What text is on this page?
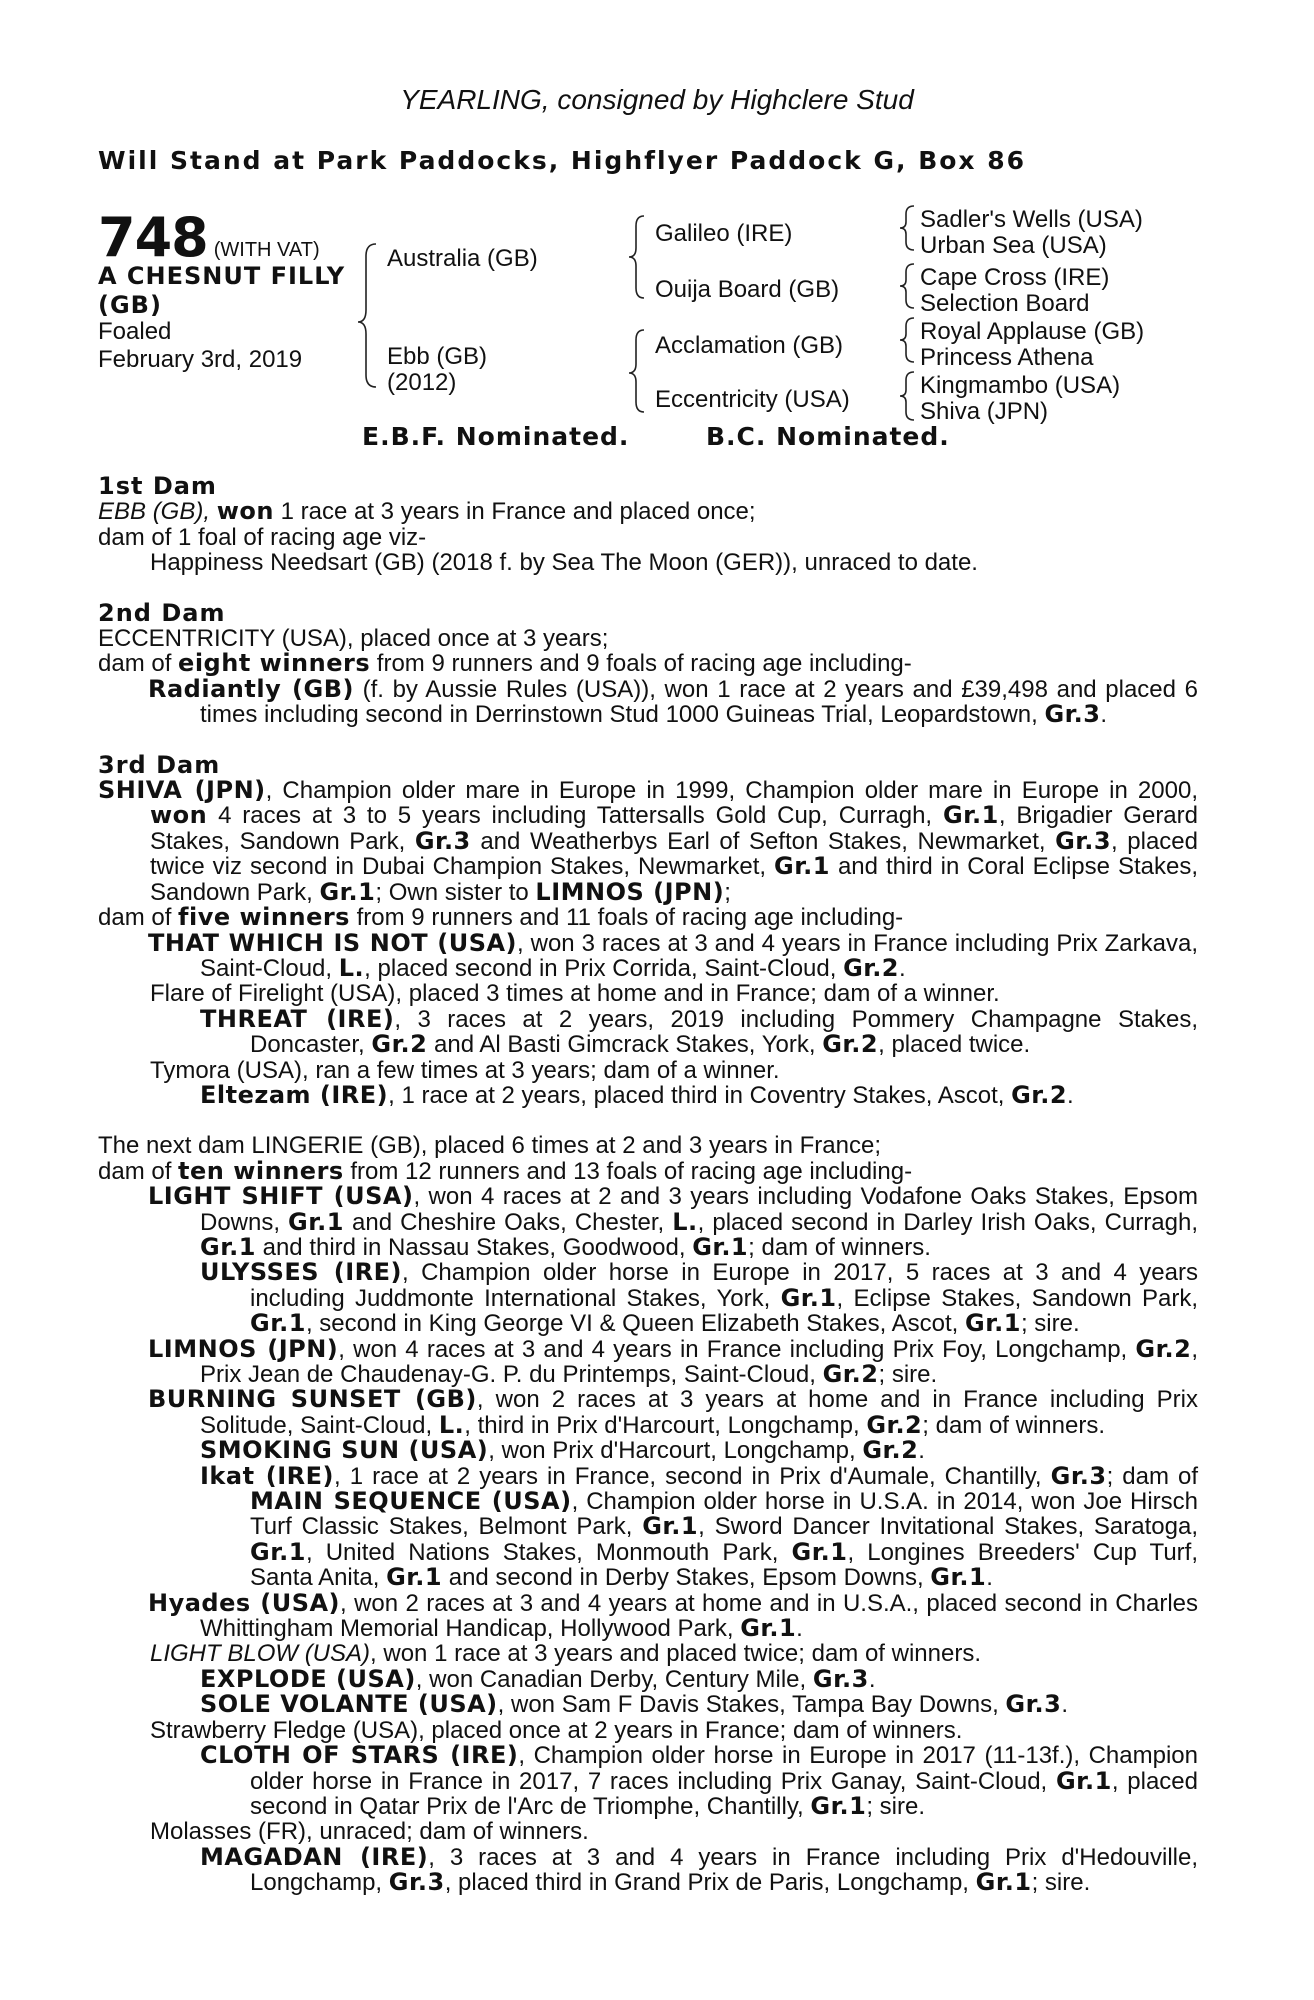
YEARLING, consigned by Highclere Stud
Will Stand at Park Paddocks, Highflyer Paddock G, Box 86
748 (WITH VAT)
A CHESNUT FILLY
(GB)
Foaled
February 3rd, 2019
Australia (GB)
Ebb (GB)
(2012)
Galileo (IRE)
Ouija Board (GB)
Acclamation (GB)
Eccentricity (USA)
Sadler's Wells (USA)
Urban Sea (USA)
Cape Cross (IRE)
Selection Board
Royal Applause (GB)
Princess Athena
Kingmambo (USA)
Shiva (JPN)
E.B.F. Nominated.	B.C. Nominated.
1st Dam
EBB (GB), won 1 race at 3 years in France and placed once;
dam of 1 foal of racing age viz-
Happiness Needsart (GB) (2018 f. by Sea The Moon (GER)), unraced to date.
2nd Dam
ECCENTRICITY (USA), placed once at 3 years;
dam of eight winners from 9 runners and 9 foals of racing age including-
Radiantly (GB) (f. by Aussie Rules (USA)), won 1 race at 2 years and £39,498 and placed 6 times including second in Derrinstown Stud 1000 Guineas Trial, Leopardstown, Gr.3.
3rd Dam
SHIVA (JPN), Champion older mare in Europe in 1999, Champion older mare in Europe in 2000, won 4 races at 3 to 5 years including Tattersalls Gold Cup, Curragh, Gr.1, Brigadier Gerard Stakes, Sandown Park, Gr.3 and Weatherbys Earl of Sefton Stakes, Newmarket, Gr.3, placed twice viz second in Dubai Champion Stakes, Newmarket, Gr.1 and third in Coral Eclipse Stakes, Sandown Park, Gr.1; Own sister to LIMNOS (JPN);
dam of five winners from 9 runners and 11 foals of racing age including-
THAT WHICH IS NOT (USA), won 3 races at 3 and 4 years in France including Prix Zarkava, Saint-Cloud, L., placed second in Prix Corrida, Saint-Cloud, Gr.2.
Flare of Firelight (USA), placed 3 times at home and in France; dam of a winner.
THREAT (IRE), 3 races at 2 years, 2019 including Pommery Champagne Stakes, Doncaster, Gr.2 and Al Basti Gimcrack Stakes, York, Gr.2, placed twice.
Tymora (USA), ran a few times at 3 years; dam of a winner.
Eltezam (IRE), 1 race at 2 years, placed third in Coventry Stakes, Ascot, Gr.2.
The next dam LINGERIE (GB), placed 6 times at 2 and 3 years in France;
dam of ten winners from 12 runners and 13 foals of racing age including-
LIGHT SHIFT (USA), won 4 races at 2 and 3 years including Vodafone Oaks Stakes, Epsom Downs, Gr.1 and Cheshire Oaks, Chester, L., placed second in Darley Irish Oaks, Curragh, Gr.1 and third in Nassau Stakes, Goodwood, Gr.1; dam of winners.
ULYSSES (IRE), Champion older horse in Europe in 2017, 5 races at 3 and 4 years including Juddmonte International Stakes, York, Gr.1, Eclipse Stakes, Sandown Park, Gr.1, second in King George VI & Queen Elizabeth Stakes, Ascot, Gr.1; sire.
LIMNOS (JPN), won 4 races at 3 and 4 years in France including Prix Foy, Longchamp, Gr.2, Prix Jean de Chaudenay-G. P. du Printemps, Saint-Cloud, Gr.2; sire.
BURNING SUNSET (GB), won 2 races at 3 years at home and in France including Prix Solitude, Saint-Cloud, L., third in Prix d'Harcourt, Longchamp, Gr.2; dam of winners.
SMOKING SUN (USA), won Prix d'Harcourt, Longchamp, Gr.2.
Ikat (IRE), 1 race at 2 years in France, second in Prix d'Aumale, Chantilly, Gr.3; dam of MAIN SEQUENCE (USA), Champion older horse in U.S.A. in 2014, won Joe Hirsch Turf Classic Stakes, Belmont Park, Gr.1, Sword Dancer Invitational Stakes, Saratoga, Gr.1, United Nations Stakes, Monmouth Park, Gr.1, Longines Breeders' Cup Turf, Santa Anita, Gr.1 and second in Derby Stakes, Epsom Downs, Gr.1.
Hyades (USA), won 2 races at 3 and 4 years at home and in U.S.A., placed second in Charles Whittingham Memorial Handicap, Hollywood Park, Gr.1.
LIGHT BLOW (USA), won 1 race at 3 years and placed twice; dam of winners.
EXPLODE (USA), won Canadian Derby, Century Mile, Gr.3.
SOLE VOLANTE (USA), won Sam F Davis Stakes, Tampa Bay Downs, Gr.3.
Strawberry Fledge (USA), placed once at 2 years in France; dam of winners.
CLOTH OF STARS (IRE), Champion older horse in Europe in 2017 (11-13f.), Champion older horse in France in 2017, 7 races including Prix Ganay, Saint-Cloud, Gr.1, placed second in Qatar Prix de l'Arc de Triomphe, Chantilly, Gr.1; sire.
Molasses (FR), unraced; dam of winners.
MAGADAN (IRE), 3 races at 3 and 4 years in France including Prix d'Hedouville, Longchamp, Gr.3, placed third in Grand Prix de Paris, Longchamp, Gr.1; sire.
